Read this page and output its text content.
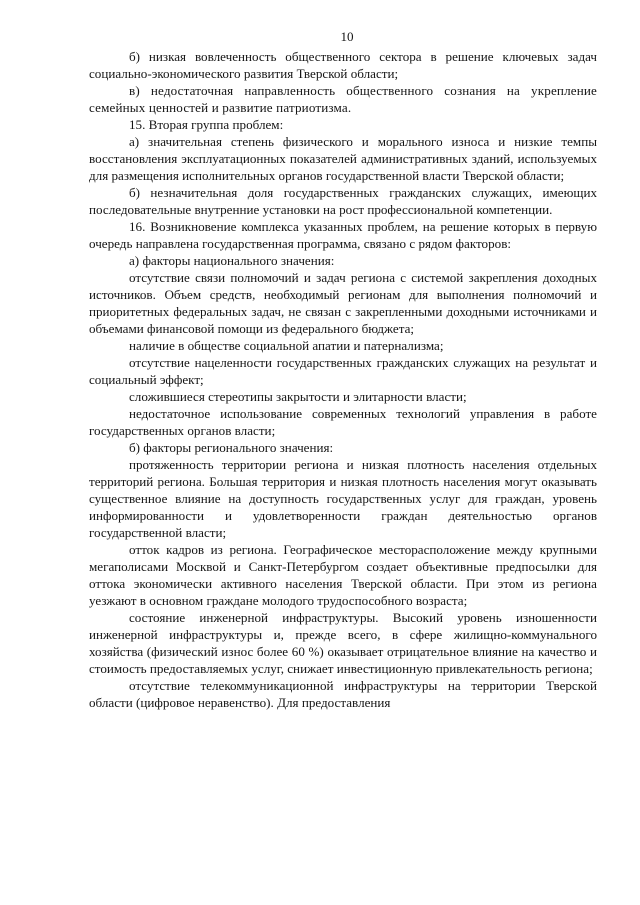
10

б) низкая вовлеченность общественного сектора в решение ключевых задач социально-экономического развития Тверской области;

в) недостаточная направленность общественного сознания на укрепление семейных ценностей и развитие патриотизма.

15. Вторая группа проблем:

а) значительная степень физического и морального износа и низкие темпы восстановления эксплуатационных показателей административных зданий, используемых для размещения исполнительных органов государственной власти Тверской области;

б) незначительная доля государственных гражданских служащих, имеющих последовательные внутренние установки на рост профессиональной компетенции.

16. Возникновение комплекса указанных проблем, на решение которых в первую очередь направлена государственная программа, связано с рядом факторов:

а) факторы национального значения:

отсутствие связи полномочий и задач региона с системой закрепления доходных источников. Объем средств, необходимый регионам для выполнения полномочий и приоритетных федеральных задач, не связан с закрепленными доходными источниками и объемами финансовой помощи из федерального бюджета;

наличие в обществе социальной апатии и патернализма;

отсутствие нацеленности государственных гражданских служащих на результат и социальный эффект;

сложившиеся стереотипы закрытости и элитарности власти;

недостаточное использование современных технологий управления в работе государственных органов власти;

б) факторы регионального значения:

протяженность территории региона и низкая плотность населения отдельных территорий региона. Большая территория и низкая плотность населения могут оказывать существенное влияние на доступность государственных услуг для граждан, уровень информированности и удовлетворенности граждан деятельностью органов государственной власти;

отток кадров из региона. Географическое месторасположение между крупными мегаполисами Москвой и Санкт-Петербургом создает объективные предпосылки для оттока экономически активного населения Тверской области. При этом из региона уезжают в основном граждане молодого трудоспособного возраста;

состояние инженерной инфраструктуры. Высокий уровень изношенности инженерной инфраструктуры и, прежде всего, в сфере жилищно-коммунального хозяйства (физический износ более 60 %) оказывает отрицательное влияние на качество и стоимость предоставляемых услуг, снижает инвестиционную привлекательность региона;

отсутствие телекоммуникационной инфраструктуры на территории Тверской области (цифровое неравенство). Для предоставления
